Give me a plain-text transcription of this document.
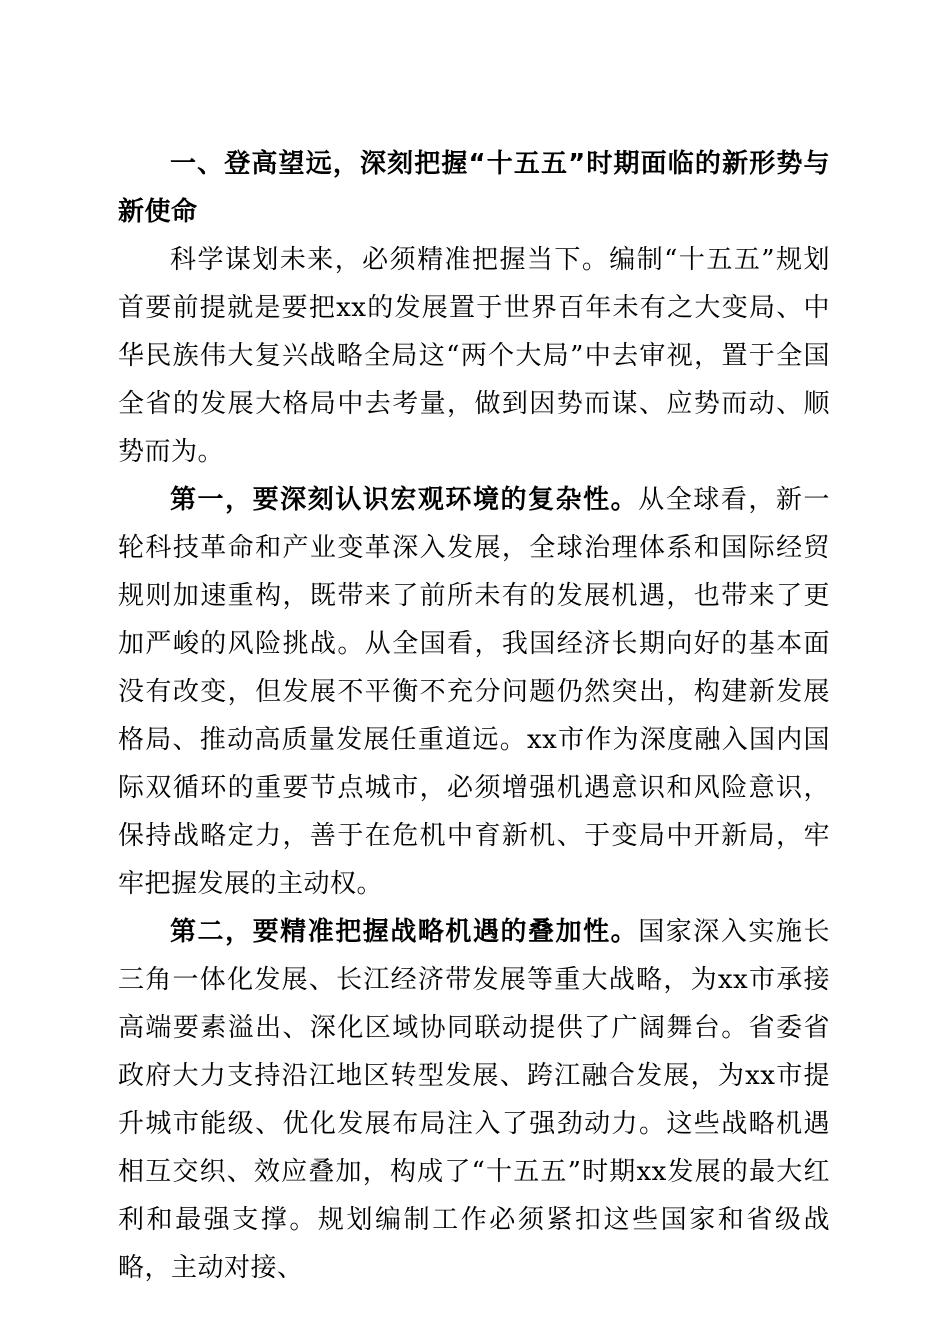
一、登高望远，深刻把握“十五五”时期面临的新形势与新使命

科学谋划未来，必须精准把握当下。编制“十五五”规划首要前提就是要把xx的发展置于世界百年未有之大变局、中华民族伟大复兴战略全局这“两个大局”中去审视，置于全国全省的发展大格局中去考量，做到因势而谋、应势而动、顺势而为。

第一，要深刻认识宏观环境的复杂性。从全球看，新一轮科技革命和产业变革深入发展，全球治理体系和国际经贸规则加速重构，既带来了前所未有的发展机遇，也带来了更加严峻的风险挑战。从全国看，我国经济长期向好的基本面没有改变，但发展不平衡不充分问题仍然突出，构建新发展格局、推动高质量发展任重道远。xx市作为深度融入国内国际双循环的重要节点城市，必须增强机遇意识和风险意识，保持战略定力，善于在危机中育新机、于变局中开新局，牢牢把握发展的主动权。

第二，要精准把握战略机遇的叠加性。国家深入实施长三角一体化发展、长江经济带发展等重大战略，为xx市承接高端要素溢出、深化区域协同联动提供了广阔舞台。省委省政府大力支持沿江地区转型发展、跨江融合发展，为xx市提升城市能级、优化发展布局注入了强劲动力。这些战略机遇相互交织、效应叠加，构成了“十五五”时期xx发展的最大红利和最强支撑。规划编制工作必须紧扣这些国家和省级战略，主动对接、
